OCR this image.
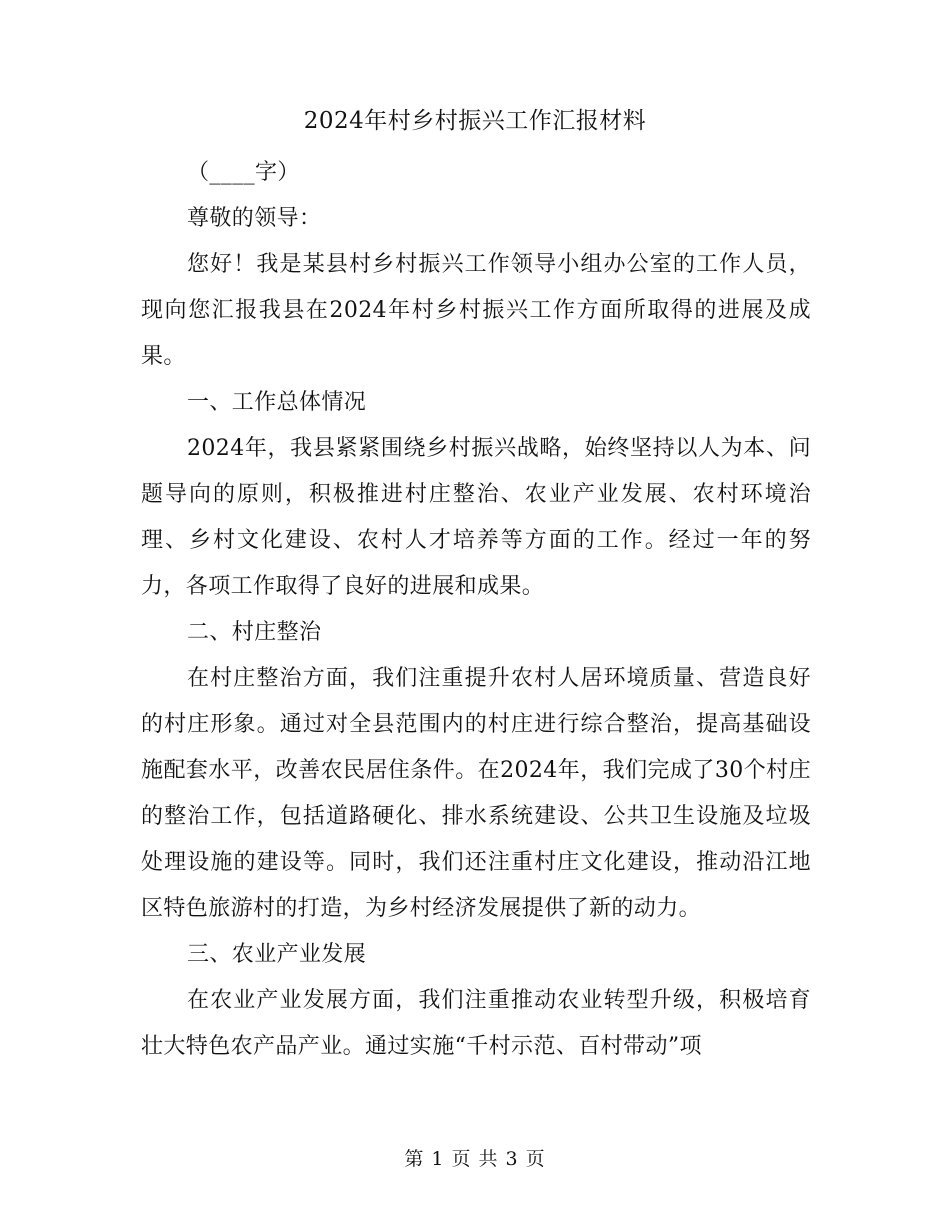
2024年村乡村振兴工作汇报材料

（____字）

尊敬的领导：

您好！我是某县村乡村振兴工作领导小组办公室的工作人员，现向您汇报我县在2024年村乡村振兴工作方面所取得的进展及成果。

一、工作总体情况

2024年，我县紧紧围绕乡村振兴战略，始终坚持以人为本、问题导向的原则，积极推进村庄整治、农业产业发展、农村环境治理、乡村文化建设、农村人才培养等方面的工作。经过一年的努力，各项工作取得了良好的进展和成果。

二、村庄整治

在村庄整治方面，我们注重提升农村人居环境质量、营造良好的村庄形象。通过对全县范围内的村庄进行综合整治，提高基础设施配套水平，改善农民居住条件。在2024年，我们完成了30个村庄的整治工作，包括道路硬化、排水系统建设、公共卫生设施及垃圾处理设施的建设等。同时，我们还注重村庄文化建设，推动沿江地区特色旅游村的打造，为乡村经济发展提供了新的动力。

三、农业产业发展

在农业产业发展方面，我们注重推动农业转型升级，积极培育壮大特色农产品产业。通过实施“千村示范、百村带动”项

第 1 页 共 3 页
